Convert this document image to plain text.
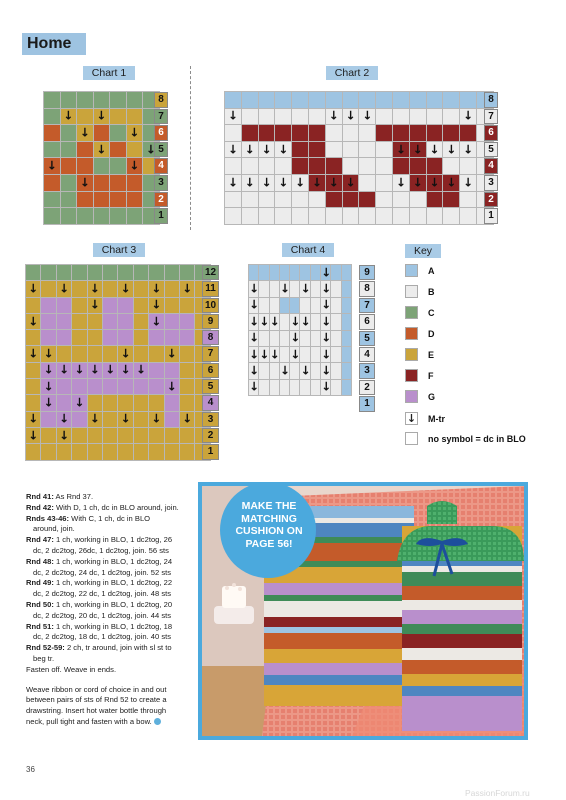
Home
Chart 1	Chart 2
Chart 3	Chart 4
↓
↓
↓
↓
↓
↓
↓
↓
↓
8
7
6
5
4
3
2
1
↓
↓
↓
↓
↓
↓
↓
↓
↓
↓
↓
↓
↓
↓
↓
↓
↓
↓
↓
↓
↓
↓
↓
↓
↓
↓
↓
8
7
6
5
4
3
2
1
↓
↓
↓
↓
↓
↓
↓
↓
↓
↓
↓
↓
↓
↓
↓
↓
↓
↓
↓
↓
↓
↓
↓
↓
↓
↓
↓
↓
↓
↓
↓
↓
↓
12
11
10
9
8
7
6
5
4
3
2
1
↓
↓
↓
↓
↓
↓
↓
↓
↓
↓
↓
↓
↓
↓
↓
↓
↓
↓
↓
↓
↓
↓
↓
↓
↓
↓
↓
9
8
7
6
5
4
3
2
1
Key
A
B
C
D
E
F
G
↓ M-tr
no symbol = dc in BLO

Rnd 41: As Rnd 37.

Rnd 42: With D, 1 ch, dc in BLO around, join.

Rnds 43-46: With C, 1 ch, dc in BLO

around, join.

Rnd 47: 1 ch, working in BLO, 1 dc2tog, 26

dc, 2 dc2tog, 26dc, 1 dc2tog, join. 56 sts

Rnd 48: 1 ch, working in BLO, 1 dc2tog, 24

dc, 2 dc2tog, 24 dc, 1 dc2tog, join. 52 sts

Rnd 49: 1 ch, working in BLO, 1 dc2tog, 22

dc, 2 dc2tog, 22 dc, 1 dc2tog, join. 48 sts

Rnd 50: 1 ch, working in BLO, 1 dc2tog, 20

dc, 2 dc2tog, 20 dc, 1 dc2tog, join. 44 sts

Rnd 51: 1 ch, working in BLO, 1 dc2tog, 18

dc, 2 dc2tog, 18 dc, 1 dc2tog, join. 40 sts

Rnd 52-59: 2 ch, tr around, join with sl st to

beg tr.

Fasten off. Weave in ends.

Weave ribbon or cord of choice in and out

between pairs of sts of Rnd 52 to create a

drawstring. Insert hot water bottle through

neck, pull tight and fasten with a bow.

MAKE THE
MATCHING
CUSHION ON
PAGE 56!
36
PassionForum.ru
